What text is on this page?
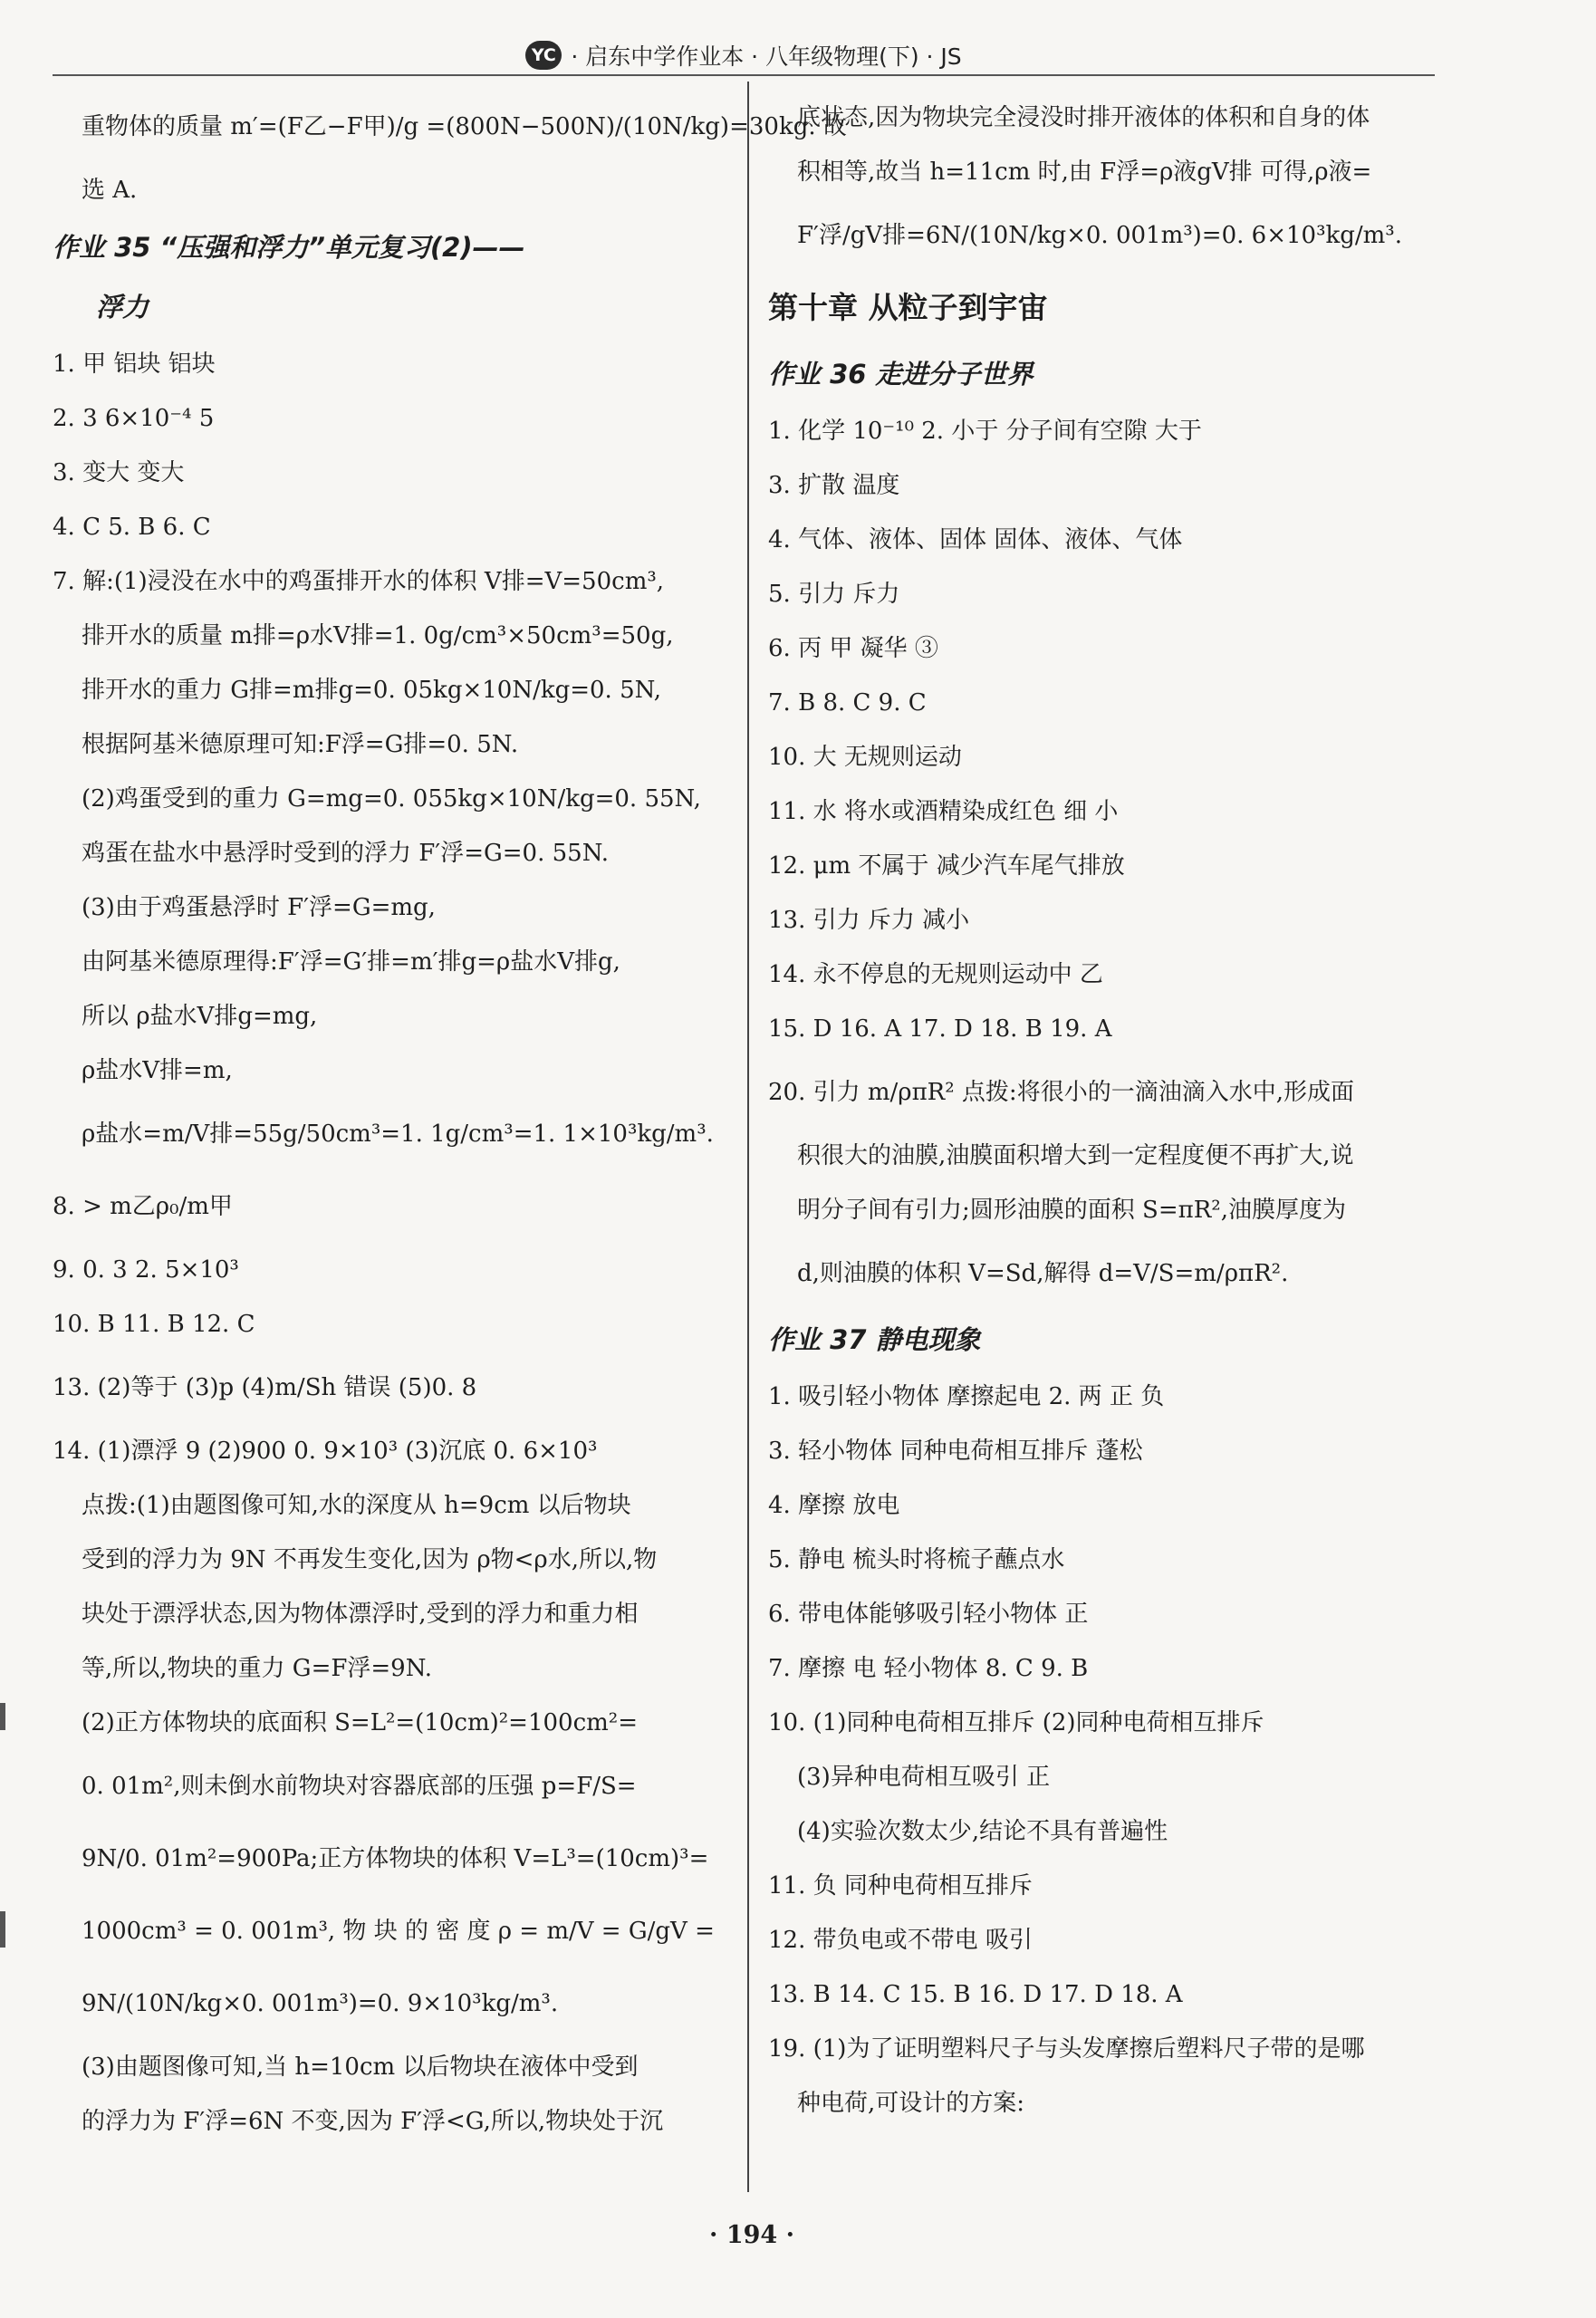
YC · 启东中学作业本 · 八年级物理(下) · JS
重物体的质量 m′=(F乙−F甲)/g =(800N−500N)/(10N/kg)=30kg. 故
选 A.
作业 35 “压强和浮力”单元复习(2)——
浮力
1. 甲 铝块 铝块
2. 3 6×10⁻⁴ 5
3. 变大 变大
4. C 5. B 6. C
7. 解:(1)浸没在水中的鸡蛋排开水的体积 V排=V=50cm³,
排开水的质量 m排=ρ水V排=1. 0g/cm³×50cm³=50g,
排开水的重力 G排=m排g=0. 05kg×10N/kg=0. 5N,
根据阿基米德原理可知:F浮=G排=0. 5N.
(2)鸡蛋受到的重力 G=mg=0. 055kg×10N/kg=0. 55N,
鸡蛋在盐水中悬浮时受到的浮力 F′浮=G=0. 55N.
(3)由于鸡蛋悬浮时 F′浮=G=mg,
由阿基米德原理得:F′浮=G′排=m′排g=ρ盐水V排g,
所以 ρ盐水V排g=mg,
ρ盐水V排=m,
ρ盐水=m/V排=55g/50cm³=1. 1g/cm³=1. 1×10³kg/m³.
8. > m乙ρ₀/m甲
9. 0. 3 2. 5×10³
10. B 11. B 12. C
13. (2)等于 (3)p (4)m/Sh 错误 (5)0. 8
14. (1)漂浮 9 (2)900 0. 9×10³ (3)沉底 0. 6×10³
点拨:(1)由题图像可知,水的深度从 h=9cm 以后物块
受到的浮力为 9N 不再发生变化,因为 ρ物<ρ水,所以,物
块处于漂浮状态,因为物体漂浮时,受到的浮力和重力相
等,所以,物块的重力 G=F浮=9N.
(2)正方体物块的底面积 S=L²=(10cm)²=100cm²=
0. 01m²,则未倒水前物块对容器底部的压强 p=F/S=
9N/0. 01m²=900Pa;正方体物块的体积 V=L³=(10cm)³=
1000cm³ = 0. 001m³, 物 块 的 密 度 ρ = m/V = G/gV =
9N/(10N/kg×0. 001m³)=0. 9×10³kg/m³.
(3)由题图像可知,当 h=10cm 以后物块在液体中受到
的浮力为 F′浮=6N 不变,因为 F′浮<G,所以,物块处于沉
底状态,因为物块完全浸没时排开液体的体积和自身的体
积相等,故当 h=11cm 时,由 F浮=ρ液gV排 可得,ρ液=
F′浮/gV排=6N/(10N/kg×0. 001m³)=0. 6×10³kg/m³.
第十章 从粒子到宇宙
作业 36 走进分子世界
1. 化学 10⁻¹⁰ 2. 小于 分子间有空隙 大于
3. 扩散 温度
4. 气体、液体、固体 固体、液体、气体
5. 引力 斥力
6. 丙 甲 凝华 ③
7. B 8. C 9. C
10. 大 无规则运动
11. 水 将水或酒精染成红色 细 小
12. μm 不属于 减少汽车尾气排放
13. 引力 斥力 减小
14. 永不停息的无规则运动中 乙
15. D 16. A 17. D 18. B 19. A
20. 引力 m/ρπR² 点拨:将很小的一滴油滴入水中,形成面
积很大的油膜,油膜面积增大到一定程度便不再扩大,说
明分子间有引力;圆形油膜的面积 S=πR²,油膜厚度为
d,则油膜的体积 V=Sd,解得 d=V/S=m/ρπR².
作业 37 静电现象
1. 吸引轻小物体 摩擦起电 2. 两 正 负
3. 轻小物体 同种电荷相互排斥 蓬松
4. 摩擦 放电
5. 静电 梳头时将梳子蘸点水
6. 带电体能够吸引轻小物体 正
7. 摩擦 电 轻小物体 8. C 9. B
10. (1)同种电荷相互排斥 (2)同种电荷相互排斥
(3)异种电荷相互吸引 正
(4)实验次数太少,结论不具有普遍性
11. 负 同种电荷相互排斥
12. 带负电或不带电 吸引
13. B 14. C 15. B 16. D 17. D 18. A
19. (1)为了证明塑料尺子与头发摩擦后塑料尺子带的是哪
种电荷,可设计的方案:
· 194 ·
